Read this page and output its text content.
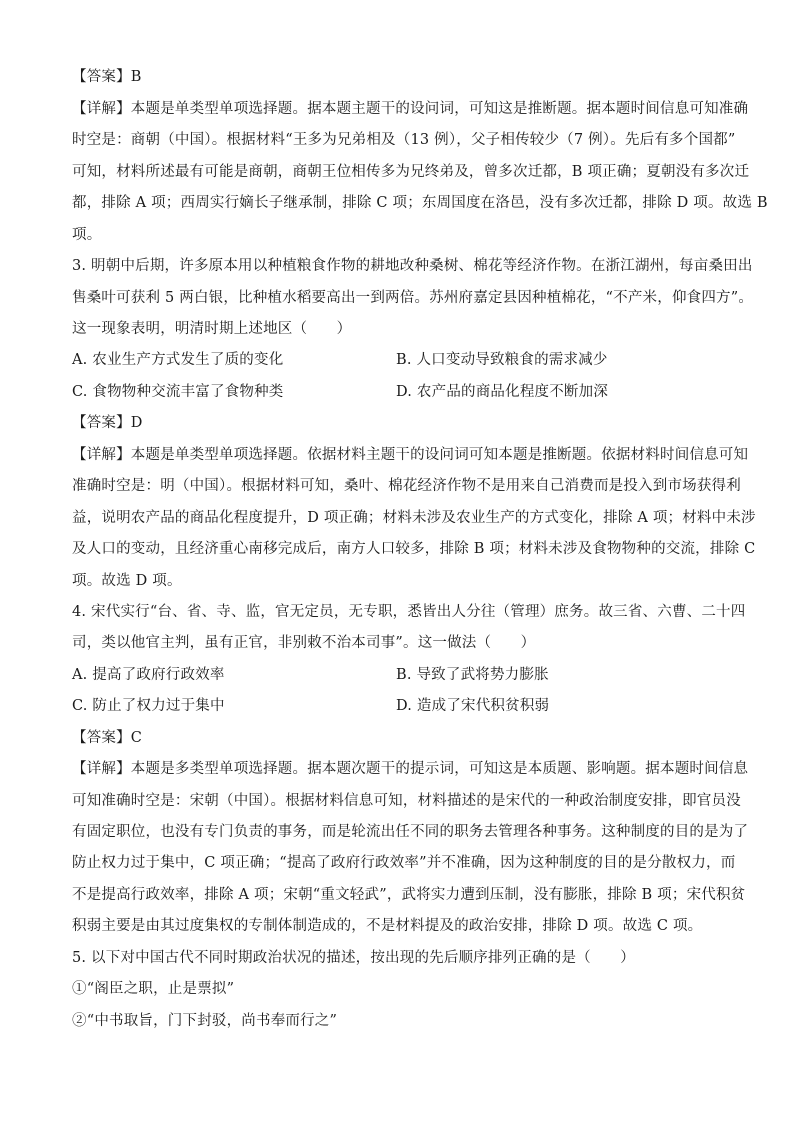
【答案】B
【详解】本题是单类型单项选择题。据本题主题干的设问词，可知这是推断题。据本题时间信息可知准确
时空是：商朝（中国）。根据材料“王多为兄弟相及（13 例），父子相传较少（7 例）。先后有多个国都”
可知，材料所述最有可能是商朝，商朝王位相传多为兄终弟及，曾多次迁都，B 项正确；夏朝没有多次迁
都，排除 A 项；西周实行嫡长子继承制，排除 C 项；东周国度在洛邑，没有多次迁都，排除 D 项。故选 B
项。
3. 明朝中后期，许多原本用以种植粮食作物的耕地改种桑树、棉花等经济作物。在浙江湖州，每亩桑田出
售桑叶可获利 5 两白银，比种植水稻要高出一到两倍。苏州府嘉定县因种植棉花，“不产米，仰食四方”。
这一现象表明，明清时期上述地区（　　）
A. 农业生产方式发生了质的变化	B. 人口变动导致粮食的需求减少
C. 食物物种交流丰富了食物种类	D. 农产品的商品化程度不断加深
【答案】D
【详解】本题是单类型单项选择题。依据材料主题干的设问词可知本题是推断题。依据材料时间信息可知
准确时空是：明（中国）。根据材料可知，桑叶、棉花经济作物不是用来自己消费而是投入到市场获得利
益，说明农产品的商品化程度提升，D 项正确；材料未涉及农业生产的方式变化，排除 A 项；材料中未涉
及人口的变动，且经济重心南移完成后，南方人口较多，排除 B 项；材料未涉及食物物种的交流，排除 C
项。故选 D 项。
4. 宋代实行“台、省、寺、监，官无定员，无专职，悉皆出人分往（管理）庶务。故三省、六曹、二十四
司，类以他官主判，虽有正官，非别敕不治本司事”。这一做法（　　）
A. 提高了政府行政效率	B. 导致了武将势力膨胀
C. 防止了权力过于集中	D. 造成了宋代积贫积弱
【答案】C
【详解】本题是多类型单项选择题。据本题次题干的提示词，可知这是本质题、影响题。据本题时间信息
可知准确时空是：宋朝（中国）。根据材料信息可知，材料描述的是宋代的一种政治制度安排，即官员没
有固定职位，也没有专门负责的事务，而是轮流出任不同的职务去管理各种事务。这种制度的目的是为了
防止权力过于集中，C 项正确；“提高了政府行政效率”并不准确，因为这种制度的目的是分散权力，而
不是提高行政效率，排除 A 项；宋朝“重文轻武”，武将实力遭到压制，没有膨胀，排除 B 项；宋代积贫
积弱主要是由其过度集权的专制体制造成的，不是材料提及的政治安排，排除 D 项。故选 C 项。
5. 以下对中国古代不同时期政治状况的描述，按出现的先后顺序排列正确的是（　　）
①“阁臣之职，止是票拟”
②“中书取旨，门下封驳，尚书奉而行之”
